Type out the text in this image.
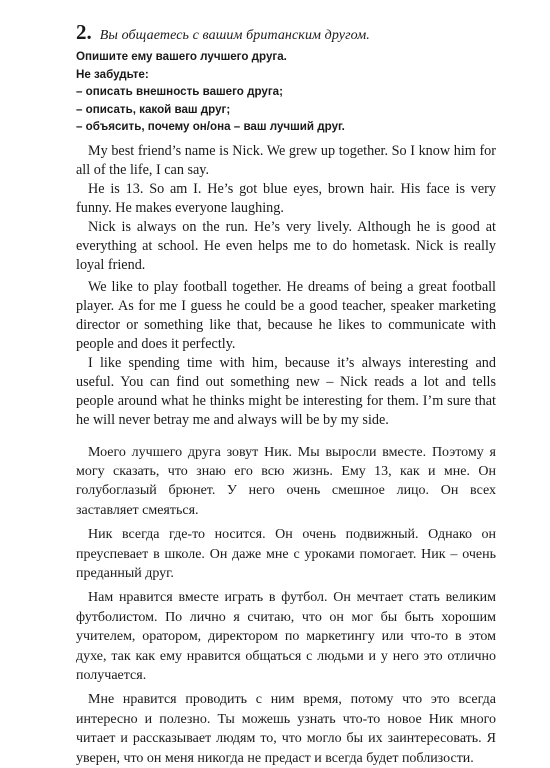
2. Вы общаетесь с вашим британским другом.
Опишите ему вашего лучшего друга.
Не забудьте:
– описать внешность вашего друга;
– описать, какой ваш друг;
– объясить, почему он/она – ваш лучший друг.

My best friend’s name is Nick. We grew up together. So I know him for all of the life, I can say.

He is 13. So am I. He’s got blue eyes, brown hair. His face is very funny. He makes everyone laughing.

Nick is always on the run. He’s very lively. Although he is good at everything at school. He even helps me to do hometask. Nick is really loyal friend.

We like to play football together. He dreams of being a great football player. As for me I guess he could be a good teacher, speaker marketing director or something like that, because he likes to communicate with people and does it perfectly.

I like spending time with him, because it’s always interesting and useful. You can find out something new – Nick reads a lot and tells people around what he thinks might be interesting for them. I’m sure that he will never betray me and always will be by my side.

Моего лучшего друга зовут Ник. Мы выросли вместе. Поэтому я могу сказать, что знаю его всю жизнь. Ему 13, как и мне. Он голубоглазый брюнет. У него очень смешное лицо. Он всех заставляет смеяться.

Ник всегда где-то носится. Он очень подвижный. Однако он преуспевает в школе. Он даже мне с уроками помогает. Ник – очень преданный друг.

Нам нравится вместе играть в футбол. Он мечтает стать великим футболистом. По лично я считаю, что он мог бы быть хорошим учителем, оратором, директором по маркетингу или что-то в этом духе, так как ему нравится общаться с людьми и у него это отлично получается.

Мне нравится проводить с ним время, потому что это всегда интересно и полезно. Ты можешь узнать что-то новое Ник много читает и рассказывает людям то, что могло бы их заинтересовать. Я уверен, что он меня никогда не предаст и всегда будет поблизости.
